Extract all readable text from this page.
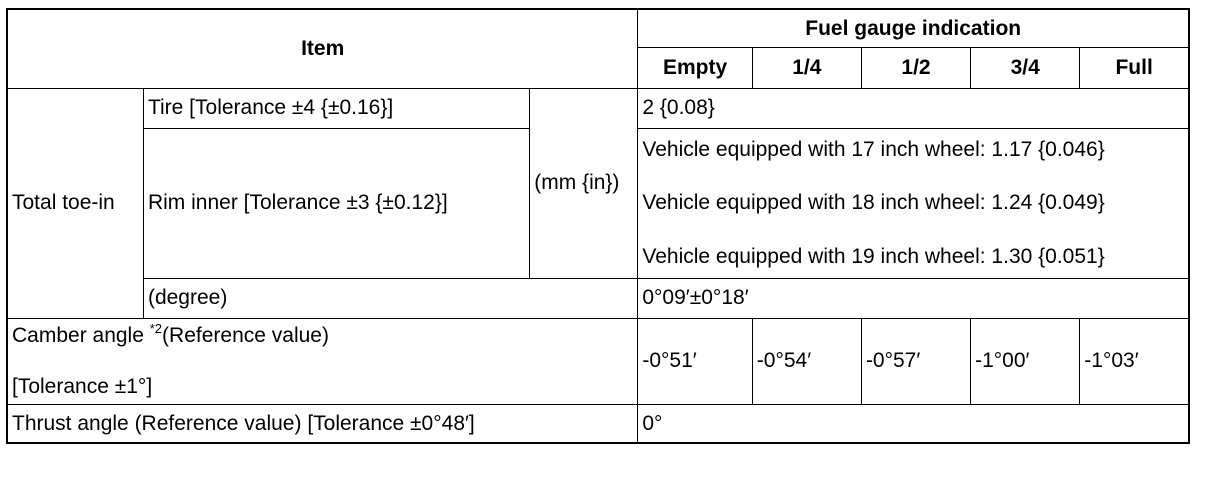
Item			Fuel gauge indication				
			Empty	1/4	1/2	3/4	Full
Total toe-in	Tire [Tolerance ±4 {±0.16}]	(mm {in})	2 {0.08}				
	Rim inner [Tolerance ±3 {±0.12}]		Vehicle equipped with 17 inch wheel: 1.17 {0.046}
Vehicle equipped with 18 inch wheel: 1.24 {0.049}
Vehicle equipped with 19 inch wheel: 1.30 {0.051}				

	(degree)		0°09′±0°18′				

Camber angle $^{*2}$(Reference value)
[Tolerance ±1°]			-0°51′	-0°54′	-0°57′	-1°00′	-1°03′
Thrust angle (Reference value) [Tolerance ±0°48′]			0°				
